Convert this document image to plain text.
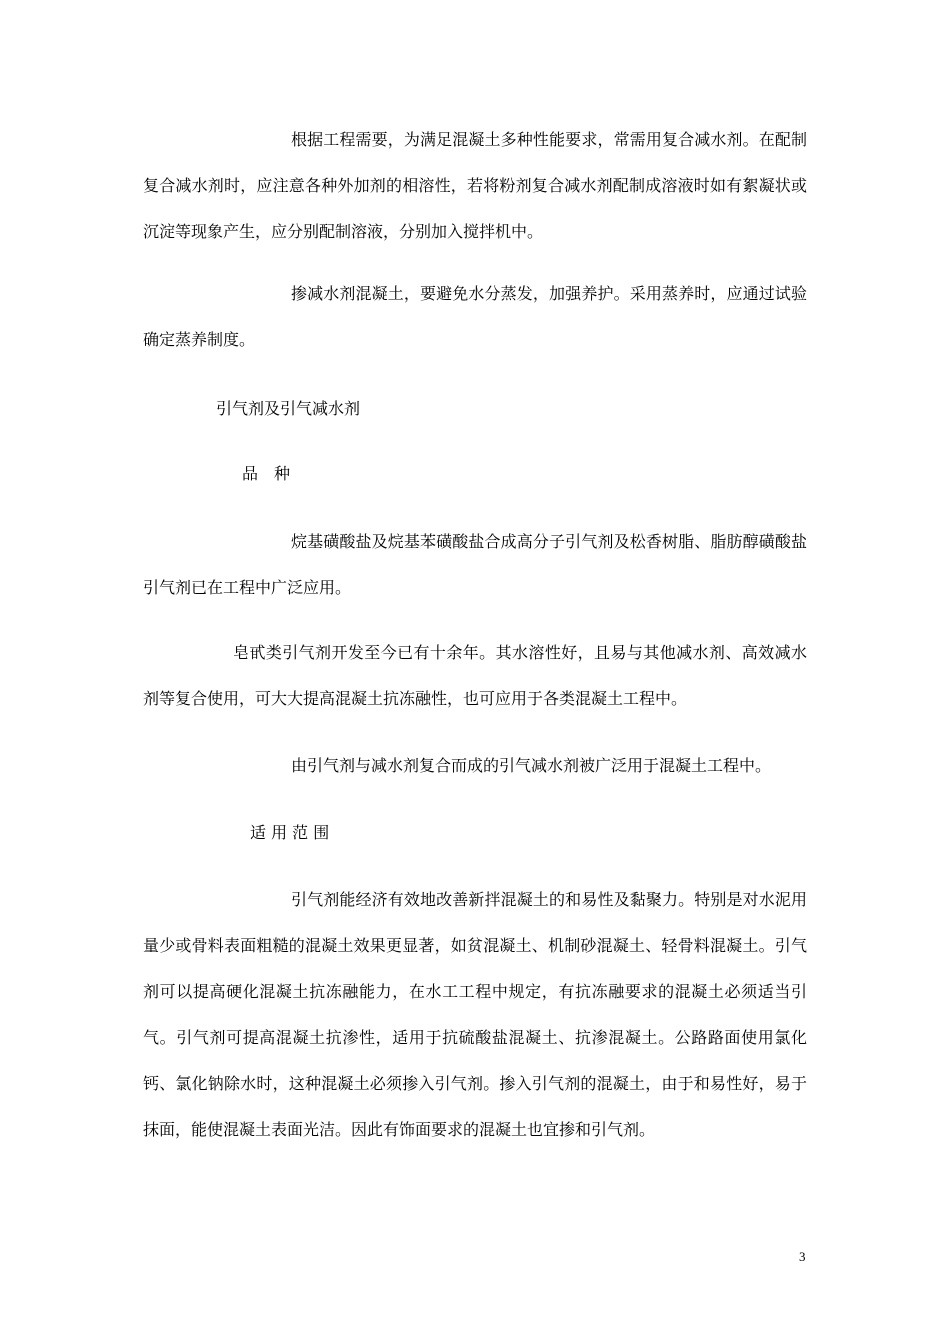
根据工程需要，为满足混凝土多种性能要求，常需用复合减水剂。在配制复合减水剂时，应注意各种外加剂的相溶性，若将粉剂复合减水剂配制成溶液时如有絮凝状或沉淀等现象产生，应分别配制溶液，分别加入搅拌机中。

掺减水剂混凝土，要避免水分蒸发，加强养护。采用蒸养时，应通过试验确定蒸养制度。

引气剂及引气减水剂
品　种

烷基磺酸盐及烷基苯磺酸盐合成高分子引气剂及松香树脂、脂肪醇磺酸盐引气剂已在工程中广泛应用。

皂甙类引气剂开发至今已有十余年。其水溶性好，且易与其他减水剂、高效减水剂等复合使用，可大大提高混凝土抗冻融性，也可应用于各类混凝土工程中。

由引气剂与减水剂复合而成的引气减水剂被广泛用于混凝土工程中。

适 用 范 围

引气剂能经济有效地改善新拌混凝土的和易性及黏聚力。特别是对水泥用量少或骨料表面粗糙的混凝土效果更显著，如贫混凝土、机制砂混凝土、轻骨料混凝土。引气剂可以提高硬化混凝土抗冻融能力，在水工工程中规定，有抗冻融要求的混凝土必须适当引气。引气剂可提高混凝土抗渗性，适用于抗硫酸盐混凝土、抗渗混凝土。公路路面使用氯化钙、氯化钠除水时，这种混凝土必须掺入引气剂。掺入引气剂的混凝土，由于和易性好，易于抹面，能使混凝土表面光洁。因此有饰面要求的混凝土也宜掺和引气剂。

3
